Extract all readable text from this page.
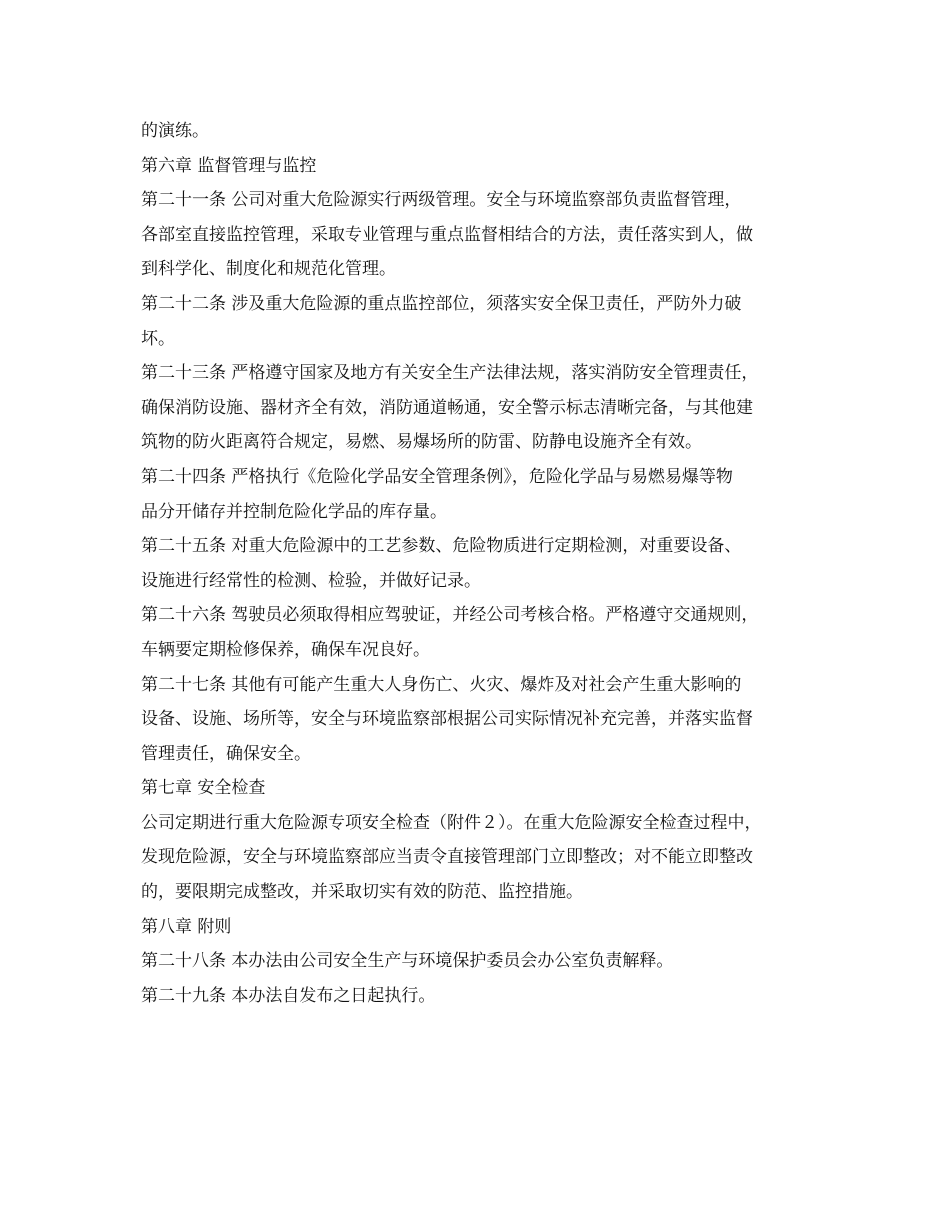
的演练。
第六章 监督管理与监控
第二十一条 公司对重大危险源实行两级管理。安全与环境监察部负责监督管理，
各部室直接监控管理，采取专业管理与重点监督相结合的方法，责任落实到人，做
到科学化、制度化和规范化管理。
第二十二条 涉及重大危险源的重点监控部位，须落实安全保卫责任，严防外力破
坏。
第二十三条 严格遵守国家及地方有关安全生产法律法规，落实消防安全管理责任，
确保消防设施、器材齐全有效，消防通道畅通，安全警示标志清晰完备，与其他建
筑物的防火距离符合规定，易燃、易爆场所的防雷、防静电设施齐全有效。
第二十四条 严格执行《危险化学品安全管理条例》，危险化学品与易燃易爆等物
品分开储存并控制危险化学品的库存量。
第二十五条 对重大危险源中的工艺参数、危险物质进行定期检测，对重要设备、
设施进行经常性的检测、检验，并做好记录。
第二十六条 驾驶员必须取得相应驾驶证，并经公司考核合格。严格遵守交通规则，
车辆要定期检修保养，确保车况良好。
第二十七条 其他有可能产生重大人身伤亡、火灾、爆炸及对社会产生重大影响的
设备、设施、场所等，安全与环境监察部根据公司实际情况补充完善，并落实监督
管理责任，确保安全。
第七章 安全检查
公司定期进行重大危险源专项安全检查（附件２）。在重大危险源安全检查过程中，
发现危险源，安全与环境监察部应当责令直接管理部门立即整改；对不能立即整改
的，要限期完成整改，并采取切实有效的防范、监控措施。
第八章 附则
第二十八条 本办法由公司安全生产与环境保护委员会办公室负责解释。
第二十九条 本办法自发布之日起执行。
